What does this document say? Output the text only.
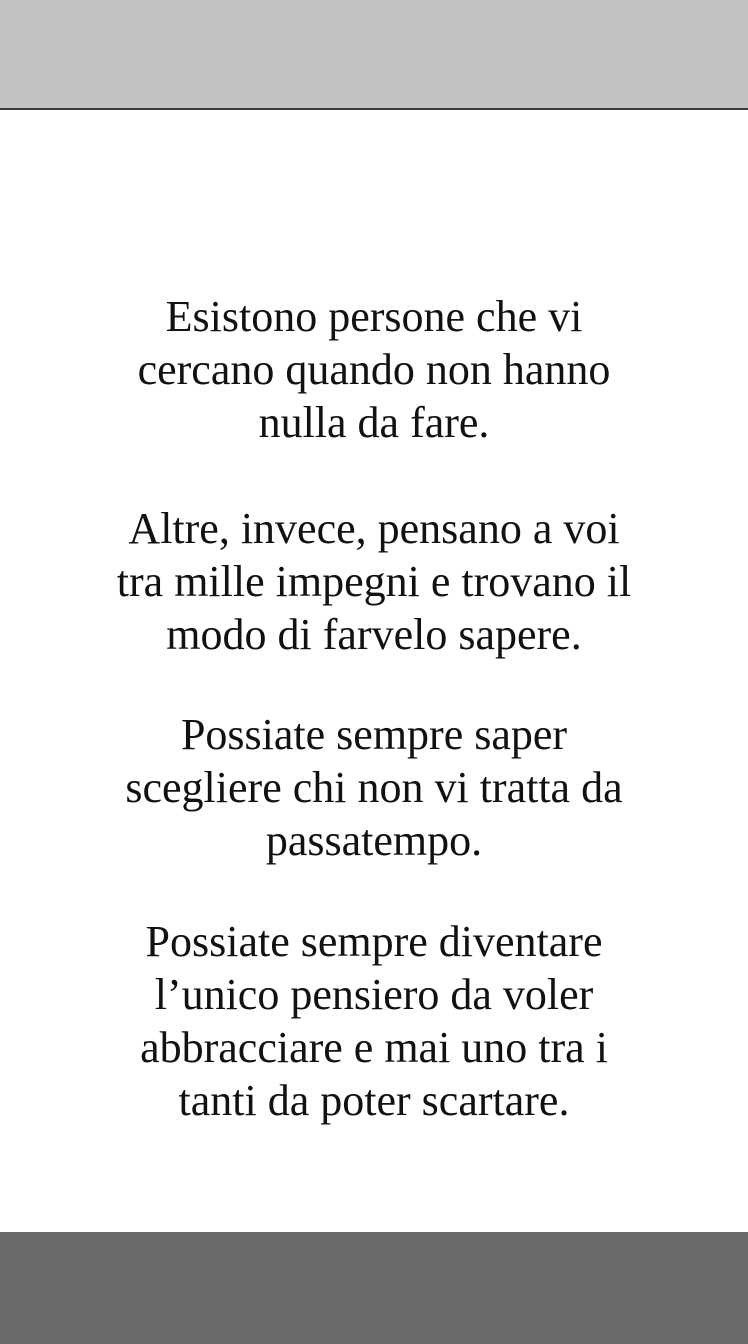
Esistono persone che vi
cercano quando non hanno
nulla da fare.
Altre, invece, pensano a voi
tra mille impegni e trovano il
modo di farvelo sapere.
Possiate sempre saper
scegliere chi non vi tratta da
passatempo.
Possiate sempre diventare
l’unico pensiero da voler
abbracciare e mai uno tra i
tanti da poter scartare.
